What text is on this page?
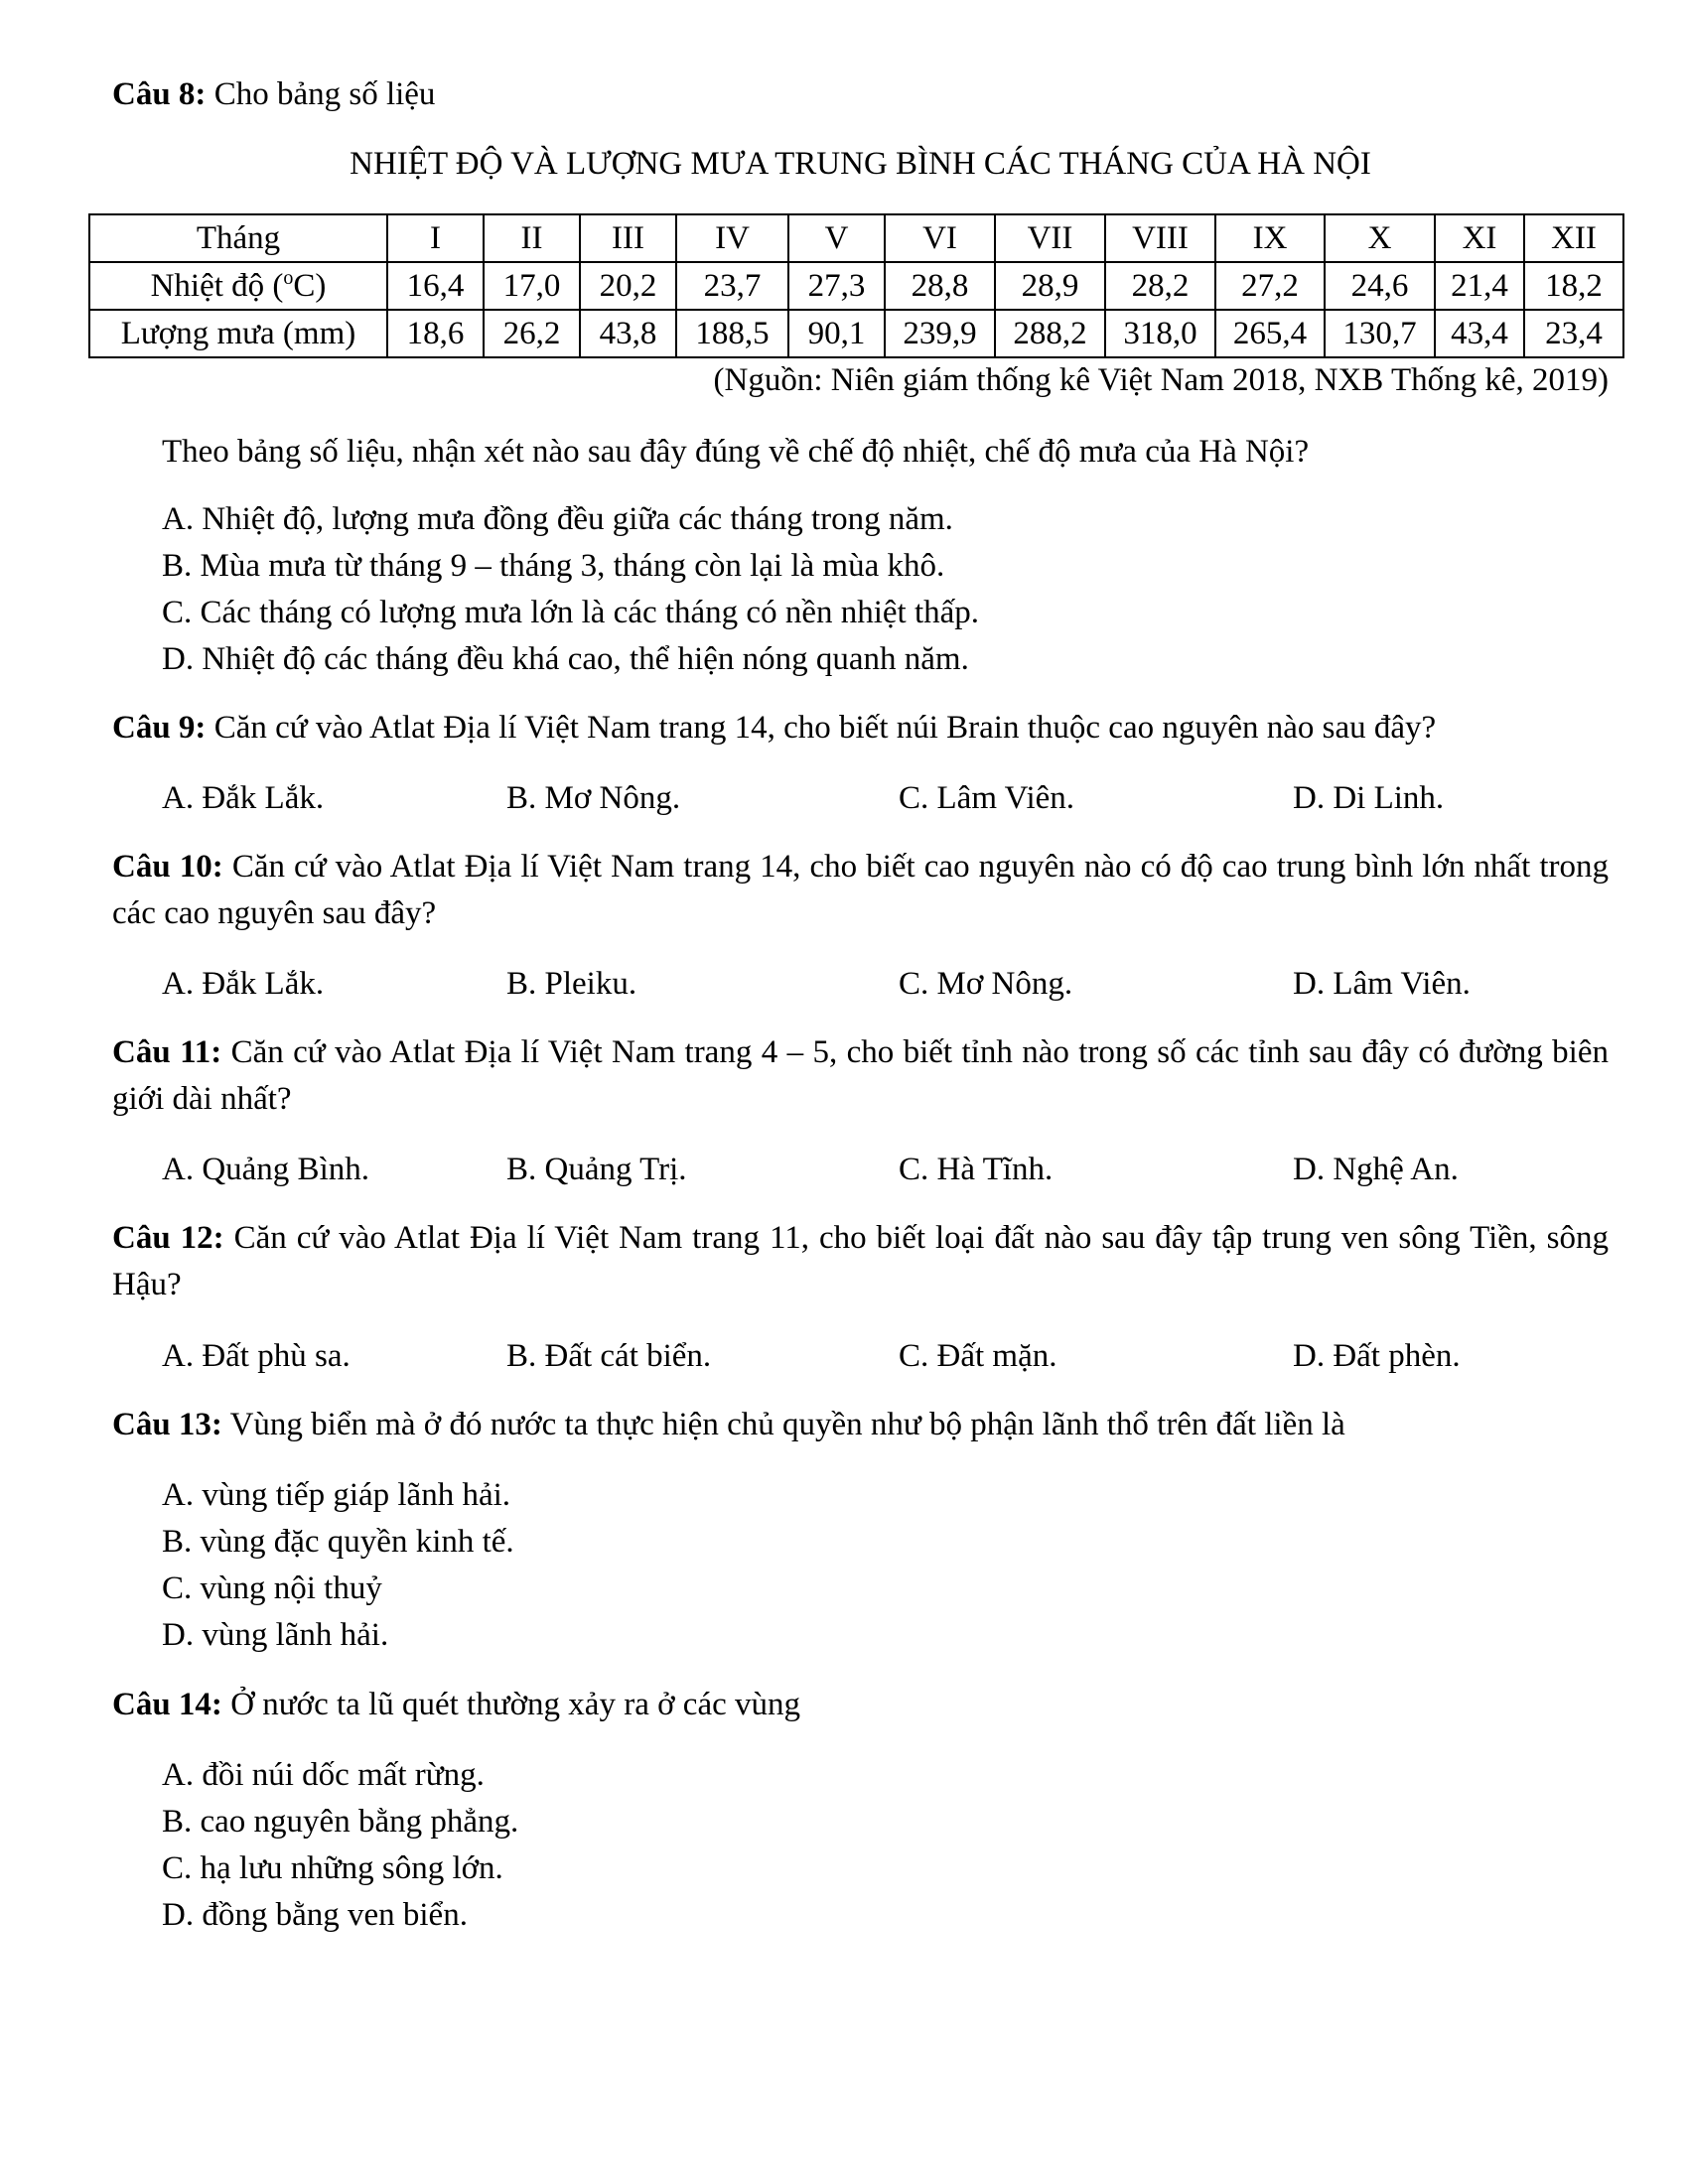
Câu 8: Cho bảng số liệu
NHIỆT ĐỘ VÀ LƯỢNG MƯA TRUNG BÌNH CÁC THÁNG CỦA HÀ NỘI
Tháng	I	II	III	IV	V	VI	VII	VIII	IX	X	XI	XII
Nhiệt độ ($^o$C)	16,4	17,0	20,2	23,7	27,3	28,8	28,9	28,2	27,2	24,6	21,4	18,2
Lượng mưa (mm)	18,6	26,2	43,8	188,5	90,1	239,9	288,2	318,0	265,4	130,7	43,4	23,4
(Nguồn: Niên giám thống kê Việt Nam 2018, NXB Thống kê, 2019)
Theo bảng số liệu, nhận xét nào sau đây đúng về chế độ nhiệt, chế độ mưa của Hà Nội?
A. Nhiệt độ, lượng mưa đồng đều giữa các tháng trong năm.
B. Mùa mưa từ tháng 9 – tháng 3, tháng còn lại là mùa khô.
C. Các tháng có lượng mưa lớn là các tháng có nền nhiệt thấp.
D. Nhiệt độ các tháng đều khá cao, thể hiện nóng quanh năm.
Câu 9: Căn cứ vào Atlat Địa lí Việt Nam trang 14, cho biết núi Brain thuộc cao nguyên nào sau đây?
A. Đắk Lắk.	B. Mơ Nông.	C. Lâm Viên.	D. Di Linh.
Câu 10: Căn cứ vào Atlat Địa lí Việt Nam trang 14, cho biết cao nguyên nào có độ cao trung bình lớn nhất trong các cao nguyên sau đây?
A. Đắk Lắk.	B. Pleiku.	C. Mơ Nông.	D. Lâm Viên.
Câu 11: Căn cứ vào Atlat Địa lí Việt Nam trang 4 – 5, cho biết tỉnh nào trong số các tỉnh sau đây có đường biên giới dài nhất?
A. Quảng Bình.	B. Quảng Trị.	C. Hà Tĩnh.	D. Nghệ An.
Câu 12: Căn cứ vào Atlat Địa lí Việt Nam trang 11, cho biết loại đất nào sau đây tập trung ven sông Tiền, sông Hậu?
A. Đất phù sa.	B. Đất cát biển.	C. Đất mặn.	D. Đất phèn.
Câu 13: Vùng biển mà ở đó nước ta thực hiện chủ quyền như bộ phận lãnh thổ trên đất liền là
A. vùng tiếp giáp lãnh hải.
B. vùng đặc quyền kinh tế.
C. vùng nội thuỷ
D. vùng lãnh hải.
Câu 14: Ở nước ta lũ quét thường xảy ra ở các vùng
A. đồi núi dốc mất rừng.
B. cao nguyên bằng phẳng.
C. hạ lưu những sông lớn.
D. đồng bằng ven biển.
